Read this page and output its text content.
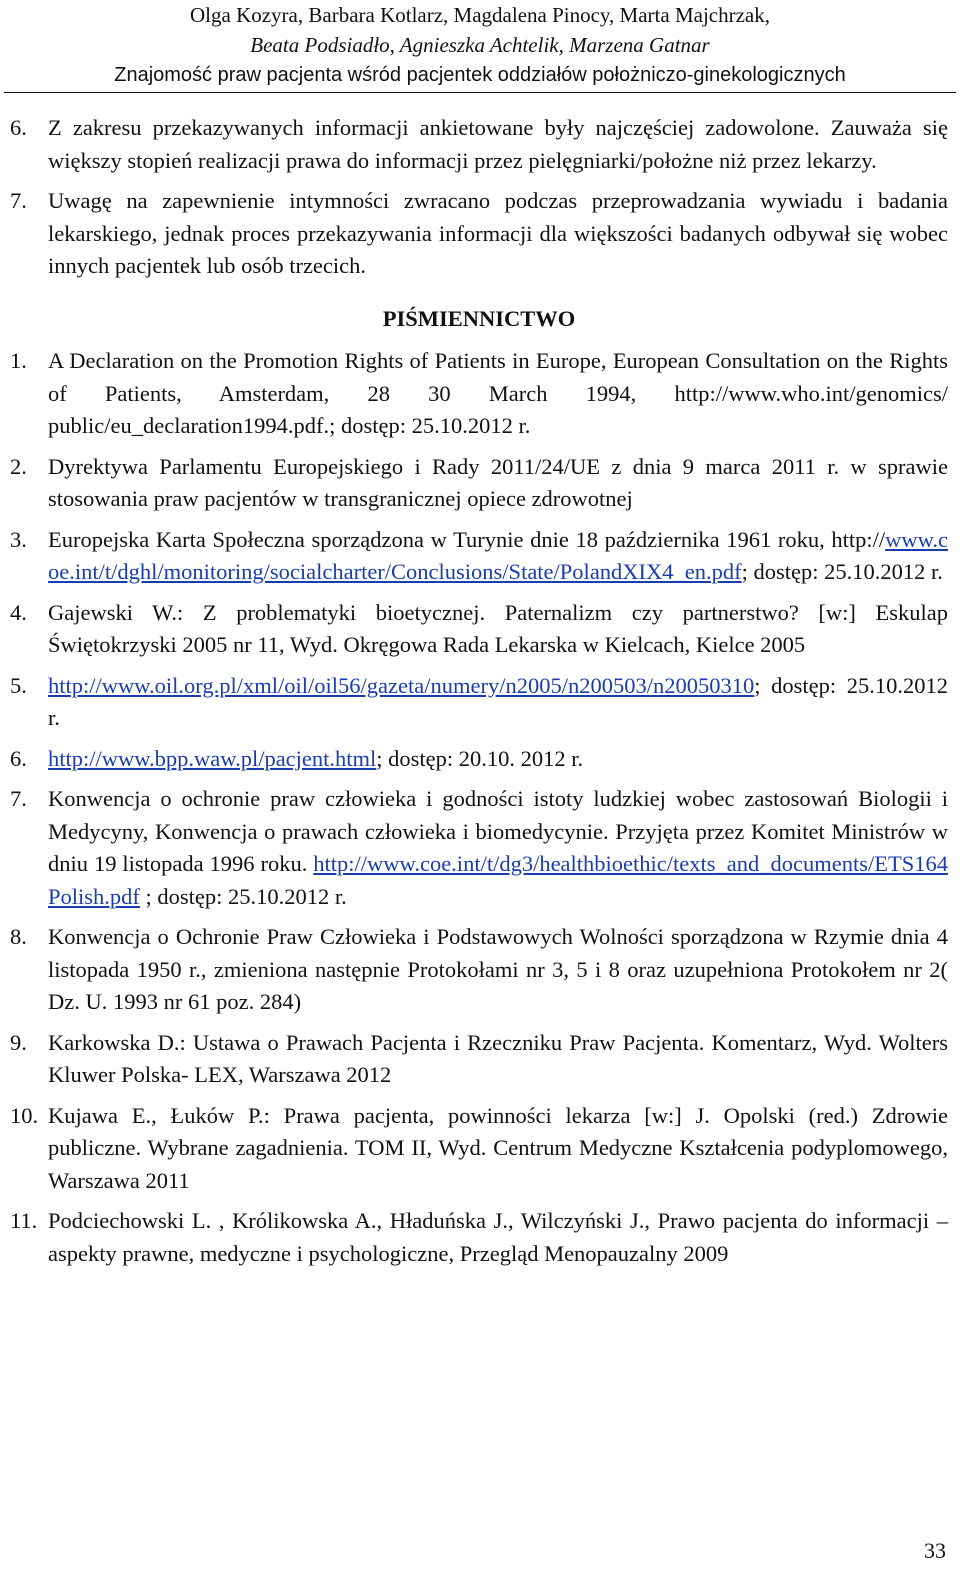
Olga Kozyra, Barbara Kotlarz, Magdalena Pinocy, Marta Majchrzak,
Beata Podsiadło, Agnieszka Achtelik, Marzena Gatnar
Znajomość praw pacjenta wśród pacjentek oddziałów położniczo-ginekologicznych
6. Z zakresu przekazywanych informacji ankietowane były najczęściej zadowolone. Zauważa się większy stopień realizacji prawa do informacji przez pielęgniarki/położne niż przez lekarzy.
7. Uwagę na zapewnienie intymności zwracano podczas przeprowadzania wywiadu i badania lekarskiego, jednak proces przekazywania informacji dla większości badanych odbywał się wobec innych pacjentek lub osób trzecich.
PIŚMIENNICTWO
1. A Declaration on the Promotion Rights of Patients in Europe, European Consultation on the Rights of Patients, Amsterdam, 28 30 March 1994, http://www.who.int/genomics/ public/eu_declaration1994.pdf.; dostęp: 25.10.2012 r.
2. Dyrektywa Parlamentu Europejskiego i Rady 2011/24/UE z dnia 9 marca 2011 r. w sprawie stosowania praw pacjentów w transgranicznej opiece zdrowotnej
3. Europejska Karta Społeczna sporządzona w Turynie dnie 18 października 1961 roku, http://www.coe.int/t/dghl/monitoring/socialcharter/Conclusions/State/PolandXIX4_en.pdf; dostęp: 25.10.2012 r.
4. Gajewski W.: Z problematyki bioetycznej. Paternalizm czy partnerstwo? [w:] Eskulap Świętokrzyski 2005 nr 11, Wyd. Okręgowa Rada Lekarska w Kielcach, Kielce 2005
5. http://www.oil.org.pl/xml/oil/oil56/gazeta/numery/n2005/n200503/n20050310; dostęp: 25.10.2012 r.
6. http://www.bpp.waw.pl/pacjent.html; dostęp: 20.10. 2012 r.
7. Konwencja o ochronie praw człowieka i godności istoty ludzkiej wobec zastosowań Biologii i Medycyny, Konwencja o prawach człowieka i biomedycynie. Przyjęta przez Komitet Ministrów w dniu 19 listopada 1996 roku. http://www.coe.int/t/dg3/healthbioethic/texts_and_documents/ETS164Polish.pdf ; dostęp: 25.10.2012 r.
8. Konwencja o Ochronie Praw Człowieka i Podstawowych Wolności sporządzona w Rzymie dnia 4 listopada 1950 r., zmieniona następnie Protokołami nr 3, 5 i 8 oraz uzupełniona Protokołem nr 2( Dz. U. 1993 nr 61 poz. 284)
9. Karkowska D.: Ustawa o Prawach Pacjenta i Rzeczniku Praw Pacjenta. Komentarz, Wyd. Wolters Kluwer Polska- LEX, Warszawa 2012
10. Kujawa E., Łuków P.: Prawa pacjenta, powinności lekarza [w:] J. Opolski (red.) Zdrowie publiczne. Wybrane zagadnienia. TOM II, Wyd. Centrum Medyczne Kształcenia podyplomowego, Warszawa 2011
11. Podciechowski L. , Królikowska A., Hładuńska J., Wilczyński J., Prawo pacjenta do informacji – aspekty prawne, medyczne i psychologiczne, Przegląd Menopauzalny 2009
33
